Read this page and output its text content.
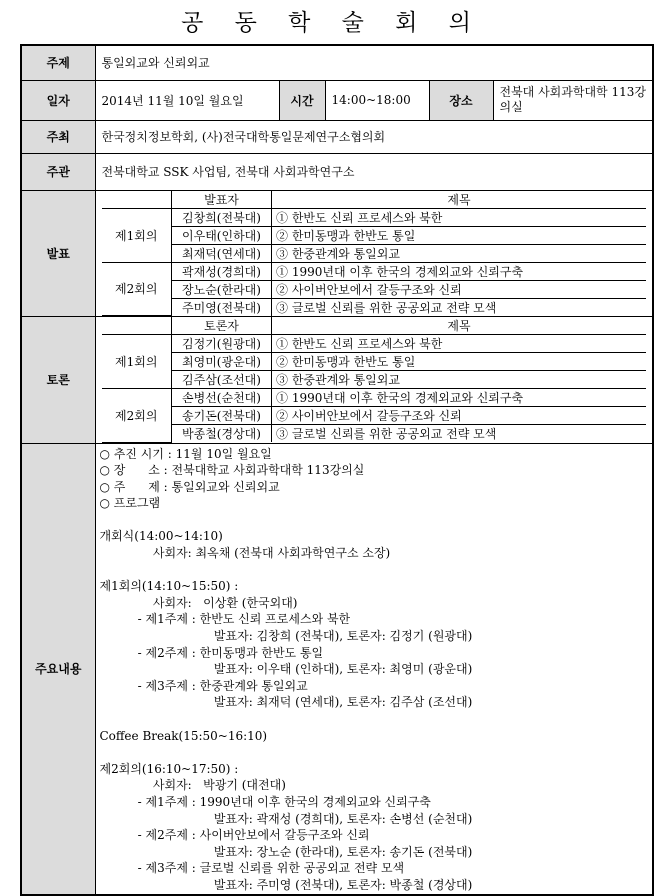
공 동 학 술 회 의
주제	통일외교와 신뢰외교
일자	2014년 11월 10일 월요일	시간	14:00~18:00	장소	전북대 사회과학대학 113강의실
주최	한국정치정보학회, (사)전국대학통일문제연구소협의회
주관	전북대학교 SSK 사업팀, 전북대 사회과학연구소
발표	
	발표자	제목
제1회의	김창희(전북대)	① 한반도 신뢰 프로세스와 북한
이우태(인하대)	② 한미동맹과 한반도 통일
최재덕(연세대)	③ 한중관계와 통일외교
제2회의	곽재성(경희대)	① 1990년대 이후 한국의 경제외교와 신뢰구축
장노순(한라대)	② 사이버안보에서 갈등구조와 신뢰
주미영(전북대)	③ 글로벌 신뢰를 위한 공공외교 전략 모색

토론	
	토론자	제목
제1회의	김정기(원광대)	① 한반도 신뢰 프로세스와 북한
최영미(광운대)	② 한미동맹과 한반도 통일
김주삼(조선대)	③ 한중관계와 통일외교
제2회의	손병선(순천대)	① 1990년대 이후 한국의 경제외교와 신뢰구축
송기돈(전북대)	② 사이버안보에서 갈등구조와 신뢰
박종철(경상대)	③ 글로벌 신뢰를 위한 공공외교 전략 모색

주요내용	
○ 추진 시기 : 11월 10일 월요일
○ 장      소 : 전북대학교 사회과학대학 113강의실
○ 주      제 : 통일외교와 신뢰외교
○ 프로그램
개회식(14:00~14:10)
사회자: 최옥채 (전북대 사회과학연구소 소장)
제1회의(14:10~15:50) :
사회자:   이상환 (한국외대)
- 제1주제 : 한반도 신뢰 프로세스와 북한
발표자: 김창희 (전북대), 토론자: 김정기 (원광대)
- 제2주제 : 한미동맹과 한반도 통일
발표자: 이우태 (인하대), 토론자: 최영미 (광운대)
- 제3주제 : 한중관계와 통일외교
발표자: 최재덕 (연세대), 토론자: 김주삼 (조선대)
Coffee Break(15:50~16:10)
제2회의(16:10~17:50) :
사회자:   박광기 (대전대)
- 제1주제 : 1990년대 이후 한국의 경제외교와 신뢰구축
발표자: 곽재성 (경희대), 토론자: 손병선 (순천대)
- 제2주제 : 사이버안보에서 갈등구조와 신뢰
발표자: 장노순 (한라대), 토론자: 송기돈 (전북대)
- 제3주제 : 글로벌 신뢰를 위한 공공외교 전략 모색
발표자: 주미영 (전북대), 토론자: 박종철 (경상대)
